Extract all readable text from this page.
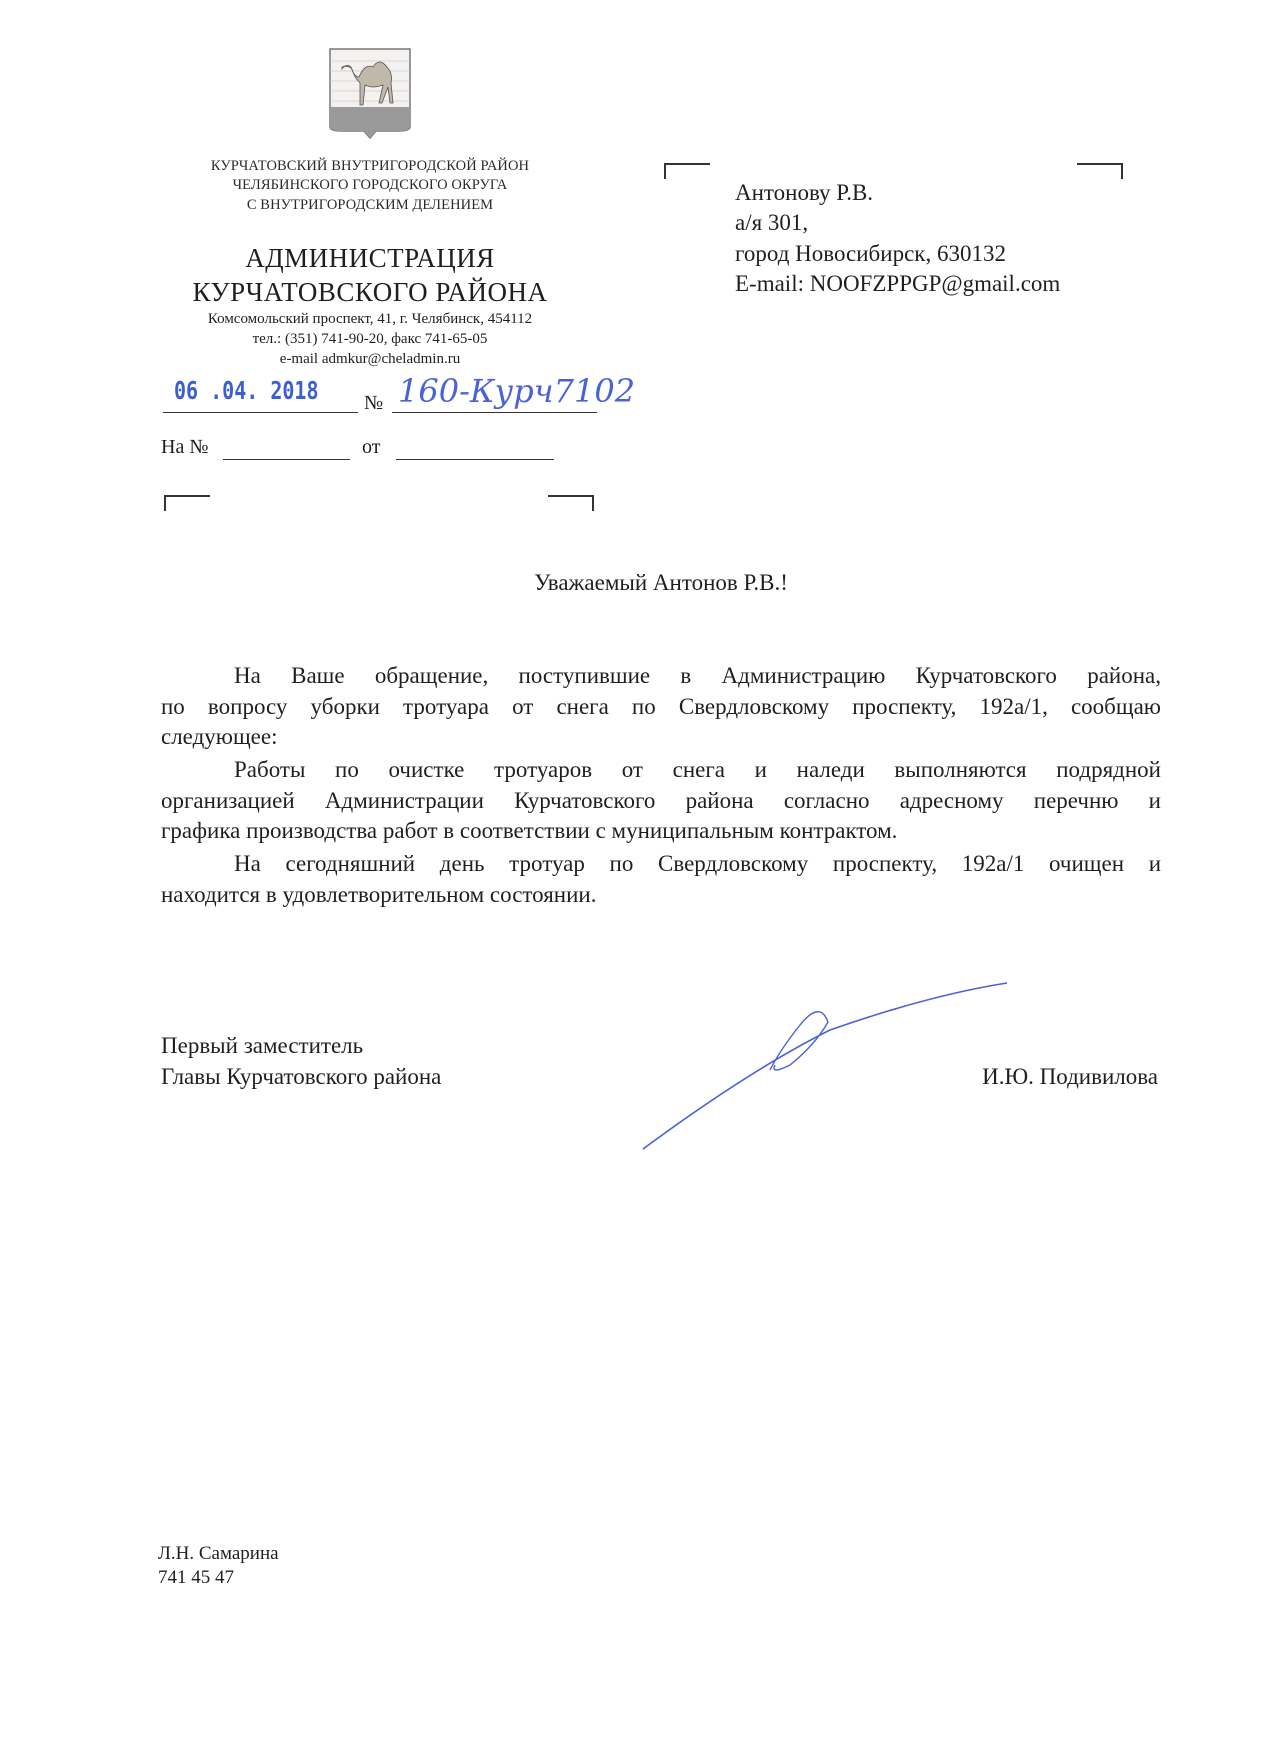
КУРЧАТОВСКИЙ ВНУТРИГОРОДСКОЙ РАЙОН
ЧЕЛЯБИНСКОГО ГОРОДСКОГО ОКРУГА
С ВНУТРИГОРОДСКИМ ДЕЛЕНИЕМ
АДМИНИСТРАЦИЯ
КУРЧАТОВСКОГО РАЙОНА
Комсомольский проспект, 41, г. Челябинск, 454112
тел.: (351) 741-90-20, факс 741-65-05
e-mail admkur@cheladmin.ru
06 .04. 2018 № 160-Курч7102
На №	от
Антонову Р.В.
а/я 301,
город Новосибирск, 630132
E-mail: NOOFZPPGP@gmail.com
Уважаемый Антонов Р.В.!
На Ваше обращение, поступившие в Администрацию Курчатовского района,
по вопросу уборки тротуара от снега по Свердловскому проспекту, 192а/1, сообщаю
следующее:
Работы по очистке тротуаров от снега и наледи выполняются подрядной
организацией Администрации Курчатовского района согласно адресному перечню и
графика производства работ в соответствии с муниципальным контрактом.
На сегодняшний день тротуар по Свердловскому проспекту, 192а/1 очищен и
находится в удовлетворительном состоянии.
Первый заместитель
Главы Курчатовского района	И.Ю. Подивилова
Л.Н. Самарина
741 45 47
